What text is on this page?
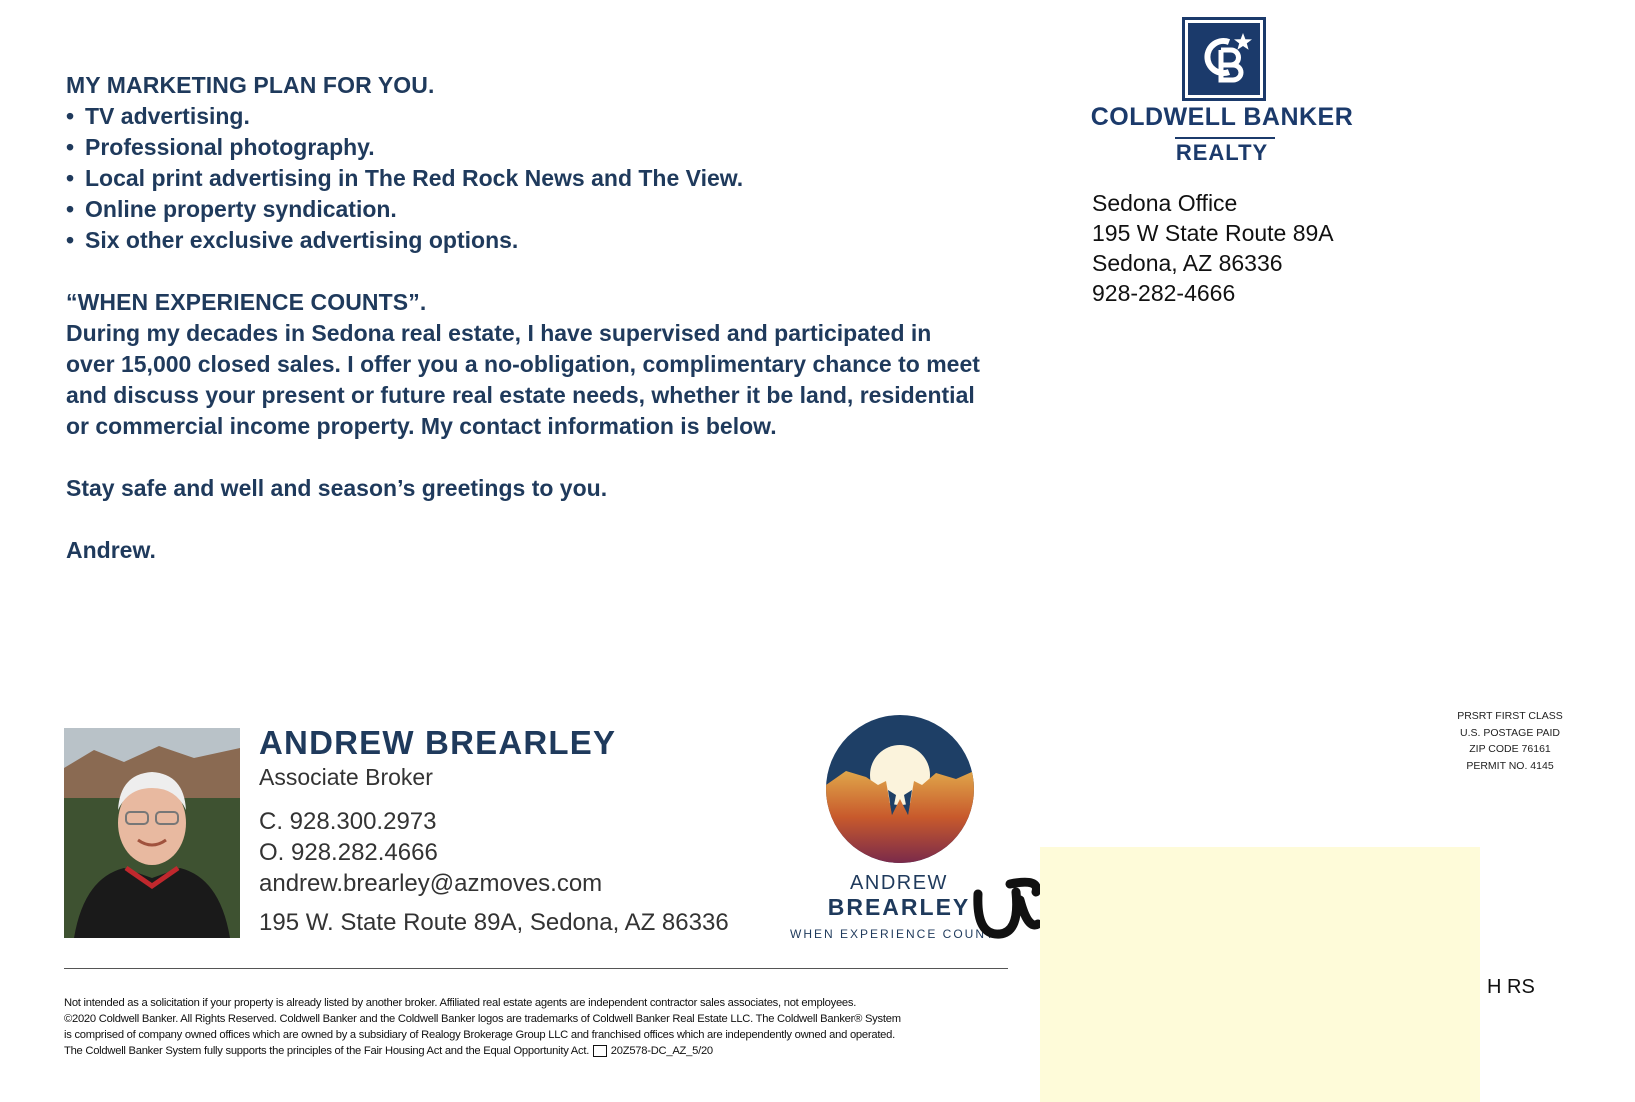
MY MARKETING PLAN FOR YOU.
• TV advertising.
• Professional photography.
• Local print advertising in The Red Rock News and The View.
• Online property syndication.
• Six other exclusive advertising options.
“WHEN EXPERIENCE COUNTS”.

During my decades in Sedona real estate, I have supervised and participated in

over 15,000 closed sales. I offer you a no-obligation, complimentary chance to meet

and discuss your present or future real estate needs, whether it be land, residential

or commercial income property. My contact information is below.

Stay safe and well and season’s greetings to you.

Andrew.

COLDWELL BANKER
REALTY
Sedona Office
195 W State Route 89A
Sedona, AZ 86336
928-282-4666
PRSRT FIRST CLASS
U.S. POSTAGE PAID
ZIP CODE 76161
PERMIT NO. 4145
ANDREW BREARLEY
Associate Broker
C. 928.300.2973
O. 928.282.4666
andrew.brearley@azmoves.com
195 W. State Route 89A, Sedona, AZ 86336
ANDREW
BREARLEY
WHEN EXPERIENCE COUNTS
Not intended as a solicitation if your property is already listed by another broker. Affiliated real estate agents are independent contractor sales associates, not employees.
©2020 Coldwell Banker. All Rights Reserved. Coldwell Banker and the Coldwell Banker logos are trademarks of Coldwell Banker Real Estate LLC. The Coldwell Banker® System
is comprised of company owned offices which are owned by a subsidiary of Realogy Brokerage Group LLC and franchised offices which are independently owned and operated.
The Coldwell Banker System fully supports the principles of the Fair Housing Act and the Equal Opportunity Act. 20Z578-DC_AZ_5/20
H RS
